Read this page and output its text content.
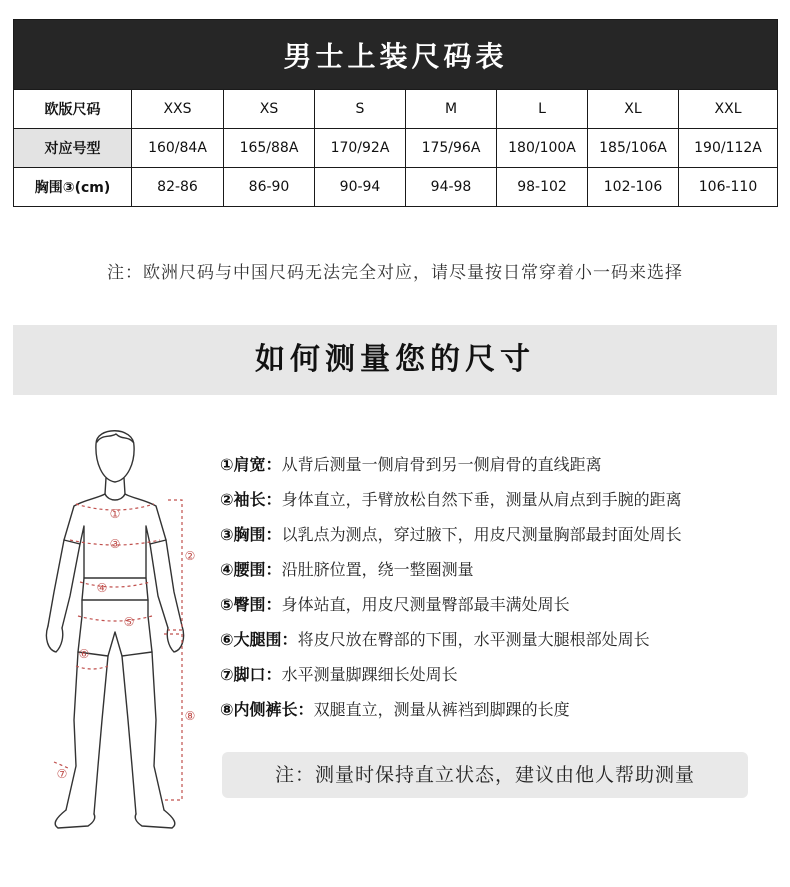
男士上装尺码表							
欧版尺码	XXS	XS	S	M	L	XL	XXL
对应号型	160/84A	165/88A	170/92A	175/96A	180/100A	185/106A	190/112A
胸围③(cm)	82-86	86-90	90-94	94-98	98-102	102-106	106-110
注：欧洲尺码与中国尺码无法完全对应，请尽量按日常穿着小一码来选择
如何测量您的尺寸
①
②
③
④
⑤
⑥
⑦
⑧
①肩宽：从背后测量一侧肩骨到另一侧肩骨的直线距离
②袖长：身体直立，手臂放松自然下垂，测量从肩点到手腕的距离
③胸围：以乳点为测点，穿过腋下，用皮尺测量胸部最封面处周长
④腰围：沿肚脐位置，绕一整圈测量
⑤臀围：身体站直，用皮尺测量臀部最丰满处周长
⑥大腿围：将皮尺放在臀部的下围，水平测量大腿根部处周长
⑦脚口：水平测量脚踝细长处周长
⑧内侧裤长：双腿直立，测量从裤裆到脚踝的长度
注：测量时保持直立状态，建议由他人帮助测量
